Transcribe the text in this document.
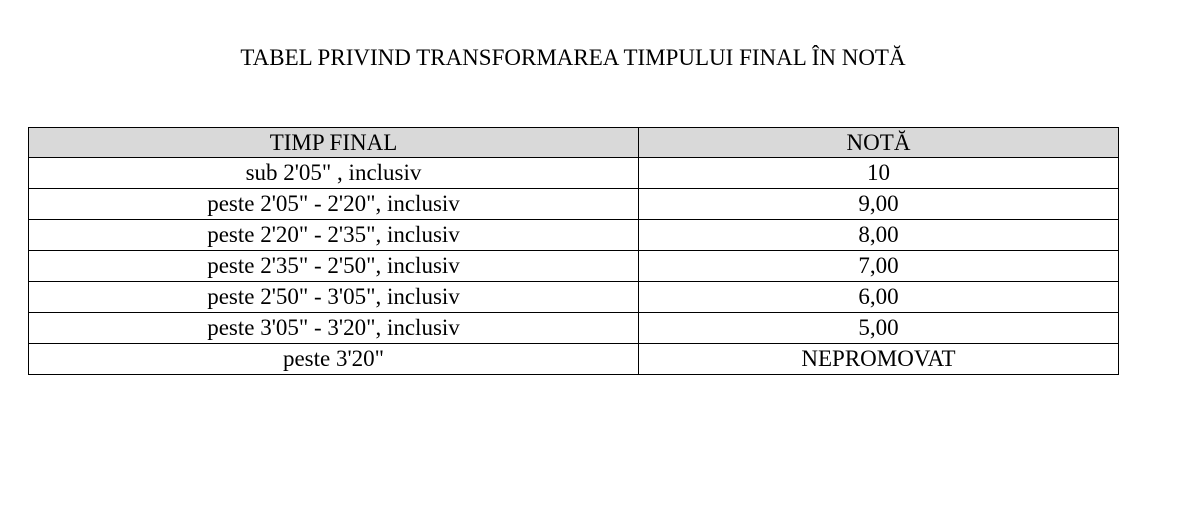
TABEL PRIVIND TRANSFORMAREA TIMPULUI FINAL ÎN NOTĂ
TIMP FINAL	NOTĂ
sub 2'05" , inclusiv	10
peste 2'05" - 2'20", inclusiv	9,00
peste 2'20" - 2'35", inclusiv	8,00
peste 2'35" - 2'50", inclusiv	7,00
peste 2'50" - 3'05", inclusiv	6,00
peste 3'05" - 3'20", inclusiv	5,00
peste 3'20"	NEPROMOVAT
